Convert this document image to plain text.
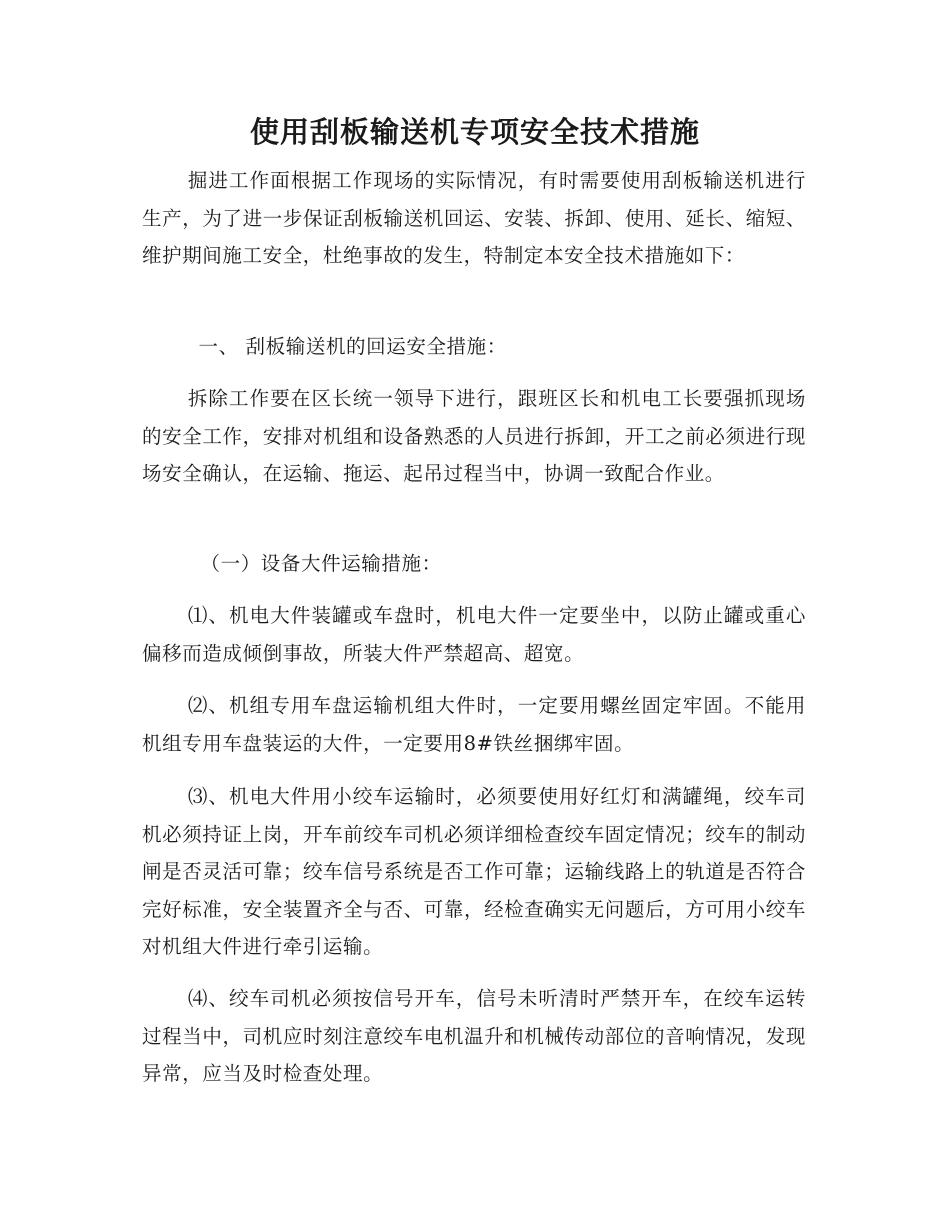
使用刮板输送机专项安全技术措施

掘进工作面根据工作现场的实际情况，有时需要使用刮板输送机进行生产，为了进一步保证刮板输送机回运、安装、拆卸、使用、延长、缩短、维护期间施工安全，杜绝事故的发生，特制定本安全技术措施如下：

一、 刮板输送机的回运安全措施：

拆除工作要在区长统一领导下进行，跟班区长和机电工长要强抓现场的安全工作，安排对机组和设备熟悉的人员进行拆卸，开工之前必须进行现场安全确认，在运输、拖运、起吊过程当中，协调一致配合作业。

（一）设备大件运输措施：

⑴、机电大件装罐或车盘时，机电大件一定要坐中，以防止罐或重心偏移而造成倾倒事故，所装大件严禁超高、超宽。

⑵、机组专用车盘运输机组大件时，一定要用螺丝固定牢固。不能用机组专用车盘装运的大件，一定要用8#铁丝捆绑牢固。

⑶、机电大件用小绞车运输时，必须要使用好红灯和满罐绳，绞车司机必须持证上岗，开车前绞车司机必须详细检查绞车固定情况；绞车的制动闸是否灵活可靠；绞车信号系统是否工作可靠；运输线路上的轨道是否符合完好标准，安全装置齐全与否、可靠，经检查确实无问题后，方可用小绞车对机组大件进行牵引运输。

⑷、绞车司机必须按信号开车，信号未听清时严禁开车，在绞车运转过程当中，司机应时刻注意绞车电机温升和机械传动部位的音响情况，发现异常，应当及时检查处理。
